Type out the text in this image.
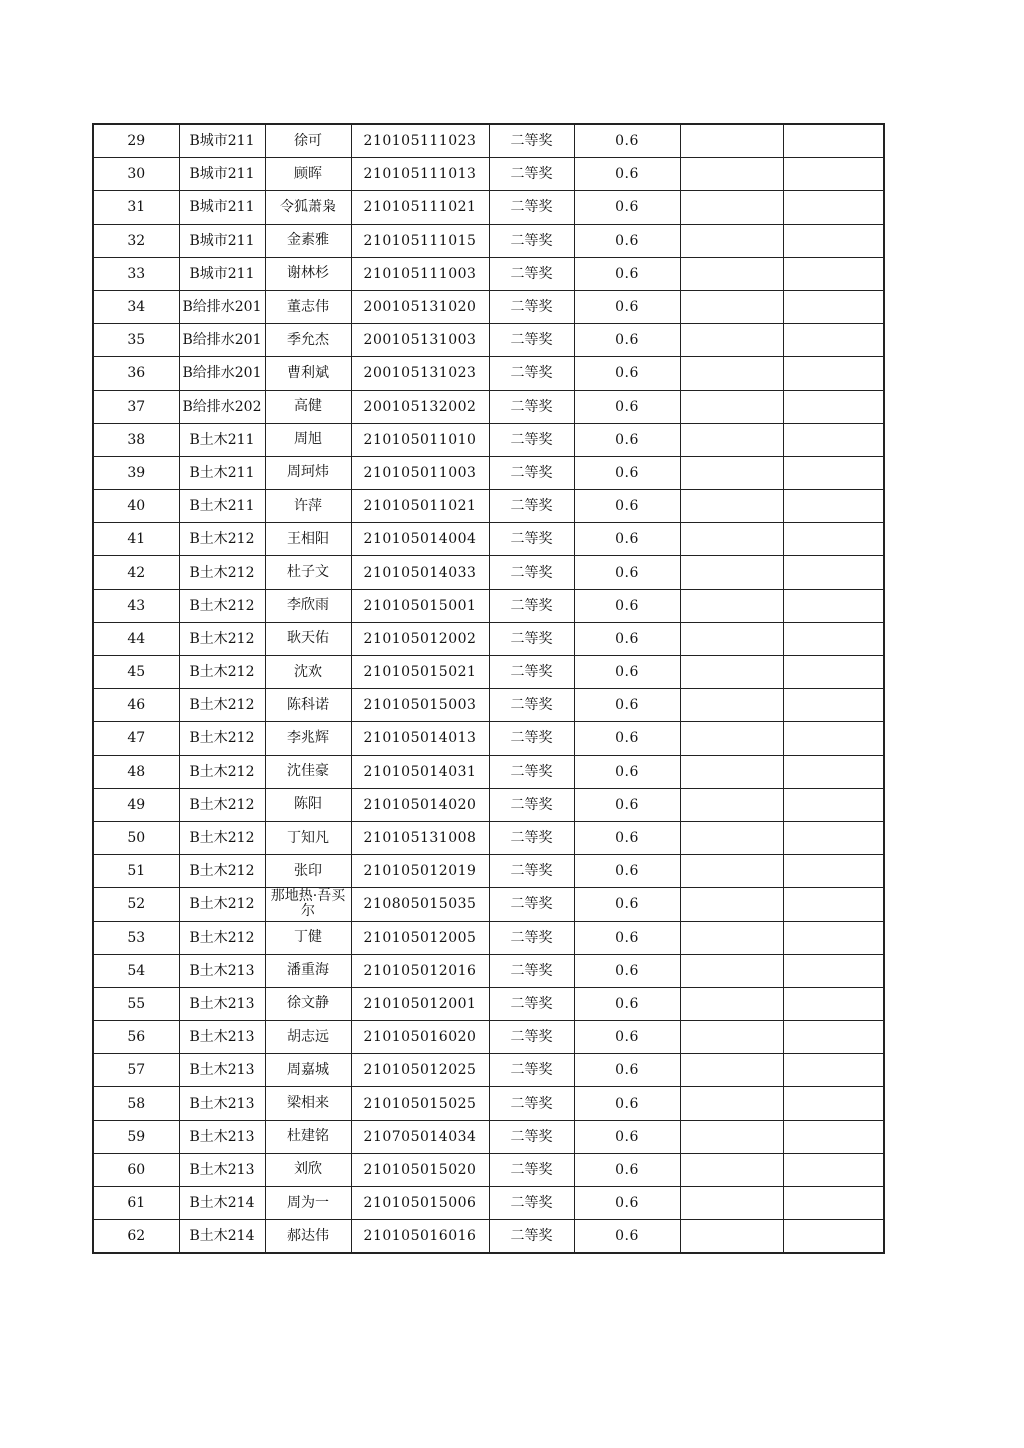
29	B城市211	徐可	210105111023	二等奖	0.6		
30	B城市211	顾晖	210105111013	二等奖	0.6		
31	B城市211	令狐萧枭	210105111021	二等奖	0.6		
32	B城市211	金素雅	210105111015	二等奖	0.6		
33	B城市211	谢林杉	210105111003	二等奖	0.6		
34	B给排水201	董志伟	200105131020	二等奖	0.6		
35	B给排水201	季允杰	200105131003	二等奖	0.6		
36	B给排水201	曹利斌	200105131023	二等奖	0.6		
37	B给排水202	高健	200105132002	二等奖	0.6		
38	B土木211	周旭	210105011010	二等奖	0.6		
39	B土木211	周珂炜	210105011003	二等奖	0.6		
40	B土木211	许萍	210105011021	二等奖	0.6		
41	B土木212	王相阳	210105014004	二等奖	0.6		
42	B土木212	杜子文	210105014033	二等奖	0.6		
43	B土木212	李欣雨	210105015001	二等奖	0.6		
44	B土木212	耿天佑	210105012002	二等奖	0.6		
45	B土木212	沈欢	210105015021	二等奖	0.6		
46	B土木212	陈科诺	210105015003	二等奖	0.6		
47	B土木212	李兆辉	210105014013	二等奖	0.6		
48	B土木212	沈佳豪	210105014031	二等奖	0.6		
49	B土木212	陈阳	210105014020	二等奖	0.6		
50	B土木212	丁知凡	210105131008	二等奖	0.6		
51	B土木212	张印	210105012019	二等奖	0.6		
52	B土木212	那地热·吾买尔	210805015035	二等奖	0.6		
53	B土木212	丁健	210105012005	二等奖	0.6		
54	B土木213	潘重海	210105012016	二等奖	0.6		
55	B土木213	徐文静	210105012001	二等奖	0.6		
56	B土木213	胡志远	210105016020	二等奖	0.6		
57	B土木213	周嘉城	210105012025	二等奖	0.6		
58	B土木213	梁相来	210105015025	二等奖	0.6		
59	B土木213	杜建铭	210705014034	二等奖	0.6		
60	B土木213	刘欣	210105015020	二等奖	0.6		
61	B土木214	周为一	210105015006	二等奖	0.6		
62	B土木214	郝达伟	210105016016	二等奖	0.6		
